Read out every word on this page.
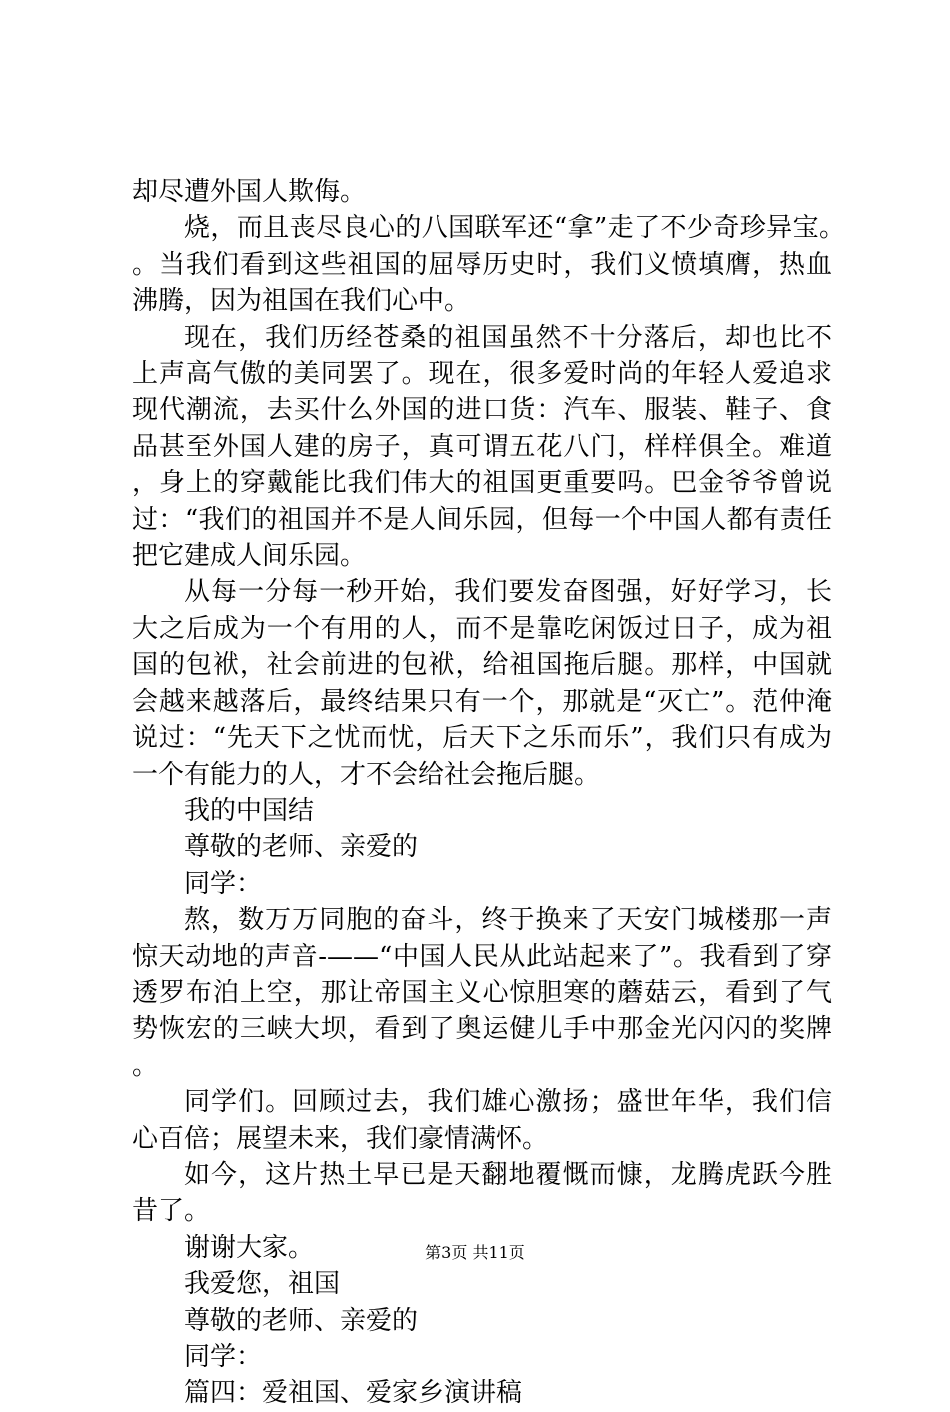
却尽遭外国人欺侮。

烧，而且丧尽良心的八国联军还“拿”走了不少奇珍异宝。。当我们看到这些祖国的屈辱历史时，我们义愤填膺，热血沸腾，因为祖国在我们心中。

现在，我们历经苍桑的祖国虽然不十分落后，却也比不上声高气傲的美同罢了。现在，很多爱时尚的年轻人爱追求现代潮流，去买什么外国的进口货：汽车、服装、鞋子、食品甚至外国人建的房子，真可谓五花八门，样样俱全。难道，身上的穿戴能比我们伟大的祖国更重要吗。巴金爷爷曾说过：“我们的祖国并不是人间乐园，但每一个中国人都有责任把它建成人间乐园。

从每一分每一秒开始，我们要发奋图强，好好学习，长大之后成为一个有用的人，而不是靠吃闲饭过日子，成为祖国的包袱，社会前进的包袱，给祖国拖后腿。那样，中国就会越来越落后，最终结果只有一个，那就是“灭亡”。范仲淹说过：“先天下之忧而忧，后天下之乐而乐”，我们只有成为一个有能力的人，才不会给社会拖后腿。

我的中国结

尊敬的老师、亲爱的

同学：

熬，数万万同胞的奋斗，终于换来了天安门城楼那一声惊天动地的声音-——“中国人民从此站起来了”。我看到了穿透罗布泊上空，那让帝国主义心惊胆寒的蘑菇云，看到了气势恢宏的三峡大坝，看到了奥运健儿手中那金光闪闪的奖牌。

同学们。回顾过去，我们雄心激扬；盛世年华，我们信心百倍；展望未来，我们豪情满怀。

如今，这片热土早已是天翻地覆慨而慷，龙腾虎跃今胜昔了。

谢谢大家。

我爱您，祖国

尊敬的老师、亲爱的

同学：

篇四：爱祖国、爱家乡演讲稿

第3页 共11页
